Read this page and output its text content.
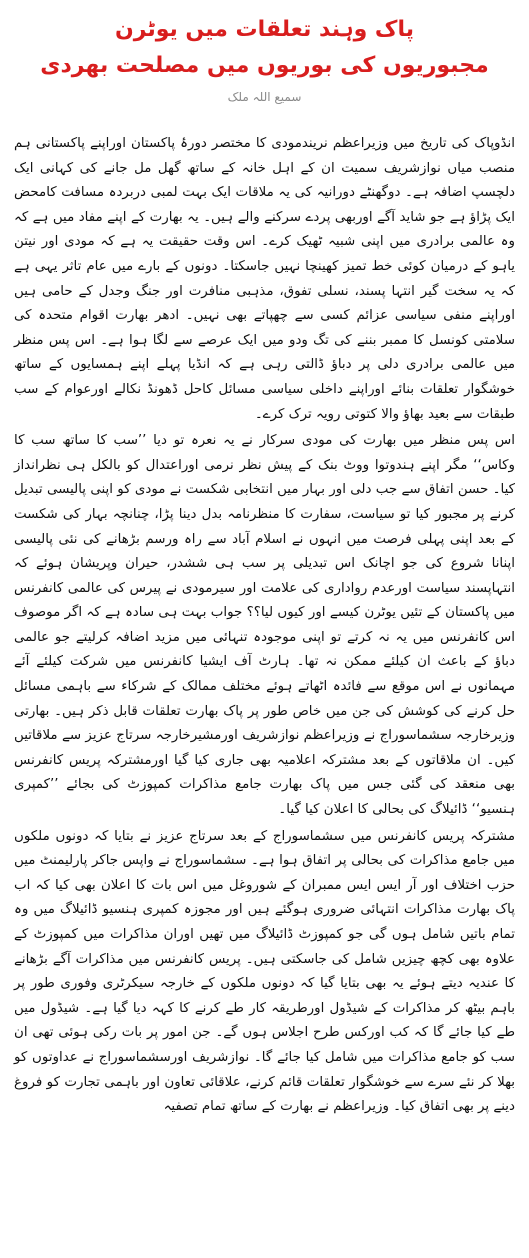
پاک وہند تعلقات میں یوٹرن
مجبوریوں کی بوریوں میں مصلحت بھردی
سمیع اللہ ملک

انڈوپاک کی تاریخ میں وزیراعظم نریندمودی کا مختصر دورۂ پاکستان اوراپنے پاکستانی ہم منصب میاں نوازشریف سمیت ان کے اہل خانہ کے ساتھ گھل مل جانے کی کہانی ایک دلچسپ اضافہ ہے۔ دوگھنٹے دورانیہ کی یہ ملاقات ایک بہت لمبی دربردہ مسافت کامحض ایک پڑاؤ ہے جو شاید آگے اوربھی پردے سرکنے والے ہیں۔ یہ بھارت کے اپنے مفاد میں ہے کہ وہ عالمی برادری میں اپنی شبیہ ٹھیک کرے۔ اس وقت حقیقت یہ ہے کہ مودی اور نیتن یاہو کے درمیان کوئی خط تمیز کھینچا نہیں جاسکتا۔ دونوں کے بارے میں عام تاثر یہی ہے کہ یہ سخت گیر انتہا پسند، نسلی تفوق، مذہبی منافرت اور جنگ وجدل کے حامی ہیں اوراپنے منفی سیاسی عزائم کسی سے چھپاتے بھی نہیں۔ ادھر بھارت اقوام متحدہ کی سلامتی کونسل کا ممبر بننے کی تگ ودو میں ایک عرصے سے لگا ہوا ہے۔ اس پس منظر میں عالمی برادری دلی پر دباؤ ڈالتی رہی ہے کہ انڈیا پہلے اپنے ہمسایوں کے ساتھ خوشگوار تعلقات بنائے اوراپنے داخلی سیاسی مسائل کاحل ڈھونڈ نکالے اورعوام کے سب طبقات سے بعید بھاؤ والا کتوتی رویہ ترک کرے۔

اس پس منظر میں بھارت کی مودی سرکار نے یہ نعرہ تو دیا ’’سب کا ساتھ سب کا وکاس‘‘ مگر اپنے ہندوتوا ووٹ بنک کے پیش نظر نرمی اوراعتدال کو بالکل ہی نظرانداز کیا۔ حسن اتفاق سے جب دلی اور بہار میں انتخابی شکست نے مودی کو اپنی پالیسی تبدیل کرنے پر مجبور کیا تو سیاست، سفارت کا منظرنامہ بدل دینا پڑا، چنانچہ بہار کی شکست کے بعد اپنی پہلی فرصت میں انہوں نے اسلام آباد سے راہ ورسم بڑھانے کی نئی پالیسی اپنانا شروع کی جو اچانک اس تبدیلی پر سب ہی ششدر، حیران وپریشان ہوئے کہ انتہاپسند سیاست اورعدم رواداری کی علامت اور سیرمودی نے پیرس کی عالمی کانفرنس میں پاکستان کے تئیں یوٹرن کیسے اور کیوں لیا؟؟ جواب بہت ہی سادہ ہے کہ اگر موصوف اس کانفرنس میں یہ نہ کرتے تو اپنی موجودہ تنہائی میں مزید اضافہ کرلیتے جو عالمی دباؤ کے باعث ان کیلئے ممکن نہ تھا۔ ہارٹ آف ایشیا کانفرنس میں شرکت کیلئے آئے مہمانوں نے اس موقع سے فائدہ اٹھاتے ہوئے مختلف ممالک کے شرکاء سے باہمی مسائل حل کرنے کی کوشش کی جن میں خاص طور پر پاک بھارت تعلقات قابل ذکر ہیں۔ بھارتی وزیرخارجہ سشماسوراج نے وزیراعظم نوازشریف اورمشیرخارجہ سرتاج عزیز سے ملاقاتیں کیں۔ ان ملاقاتوں کے بعد مشترکہ اعلامیہ بھی جاری کیا گیا اورمشترکہ پریس کانفرنس بھی منعقد کی گئی جس میں پاک بھارت جامع مذاکرات کمپوزٹ کی بجائے ’’کمپری ہنسیو‘‘ ڈائیلاگ کی بحالی کا اعلان کیا گیا۔

مشترکہ پریس کانفرنس میں سشماسوراج کے بعد سرتاج عزیز نے بتایا کہ دونوں ملکوں میں جامع مذاکرات کی بحالی پر اتفاق ہوا ہے۔ سشماسوراج نے واپس جاکر پارلیمنٹ میں حزب اختلاف اور آر ایس ایس ممبران کے شوروغل میں اس بات کا اعلان بھی کیا کہ اب پاک بھارت مذاکرات انتہائی ضروری ہوگئے ہیں اور مجوزہ کمپری ہنسیو ڈائیلاگ میں وہ تمام باتیں شامل ہوں گی جو کمپوزٹ ڈائیلاگ میں تھیں اوران مذاکرات میں کمپوزٹ کے علاوہ بھی کچھ چیزیں شامل کی جاسکتی ہیں۔ پریس کانفرنس میں مذاکرات آگے بڑھانے کا عندیہ دیتے ہوئے یہ بھی بتایا گیا کہ دونوں ملکوں کے خارجہ سیکرٹری وفوری طور پر باہم بیٹھ کر مذاکرات کے شیڈول اورطریقہ کار طے کرنے کا کہہ دیا گیا ہے۔ شیڈول میں طے کیا جائے گا کہ کب اورکس طرح اجلاس ہوں گے۔ جن امور پر بات رکی ہوئی تھی ان سب کو جامع مذاکرات میں شامل کیا جائے گا۔ نوازشریف اورسشماسوراج نے عداوتوں کو بھلا کر نئے سرے سے خوشگوار تعلقات قائم کرنے، علاقائی تعاون اور باہمی تجارت کو فروغ دینے پر بھی اتفاق کیا۔ وزیراعظم نے بھارت کے ساتھ تمام تصفیہ
